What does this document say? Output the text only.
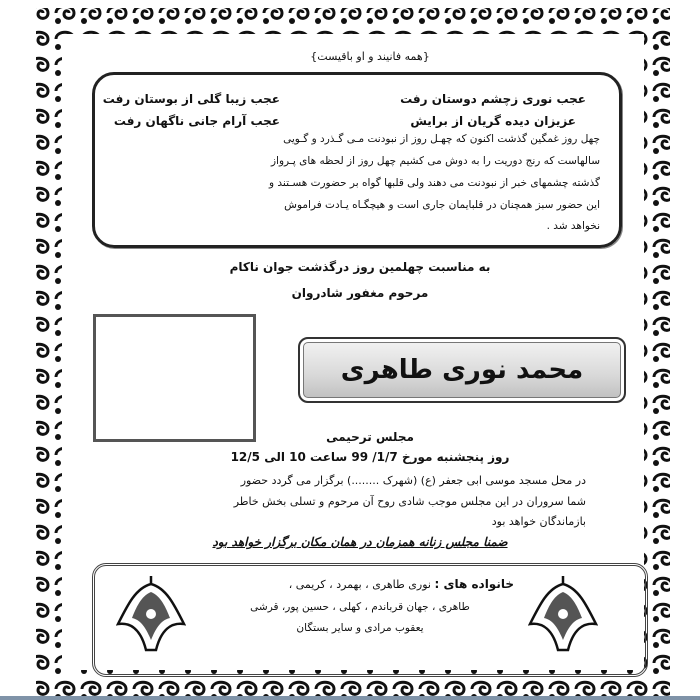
{همه فانیند و او باقیست}
عجب نوری زچشم دوستان رفت
عجب زیبا گلی از بوستان رفت
عزیزان دیده گریان از برایش
عجب آرام جانی ناگهان رفت
چهل روز غمگین گذشت اکنون که چهـل روز از نبودنت مـی گـذرد و گـویی
سالهاست که رنج دوریت را به دوش می کشیم چهل روز از لحظه های پـرواز
گذشته چشمهای خبر از نبودنت می دهند ولی قلبها گواه بر حضورت هسـتند و
این حضور سبز همچنان در قلبایمان جاری است و هیچگـاه یـادت فراموش
نخواهد شد .
به مناسبت چهلمین روز درگذشت جوان ناکام
مرحوم مغفور شادروان
محمد نوری طاهری
مجلس ترحیمی
روز پنجشنبه مورخ 1/7/ 99 ساعت 10 الی 12/5
در محل مسجد موسی ابی جعفر (ع) (شهرک ........) برگزار می گردد حضور
شما سروران در این مجلس موجب شادی روح آن مرحوم و تسلی بخش خاطر
بازماندگان خواهد بود
ضمنا مجلس زنانه همزمان در همان مکان برگزار خواهد بود
خانواده های : نوری طاهری ، بهمرد ، کریمی ،
طاهری ، جهان قرباندم ، کهلی ، حسین پور، قرشی
یعقوب مرادی و سایر بستگان
